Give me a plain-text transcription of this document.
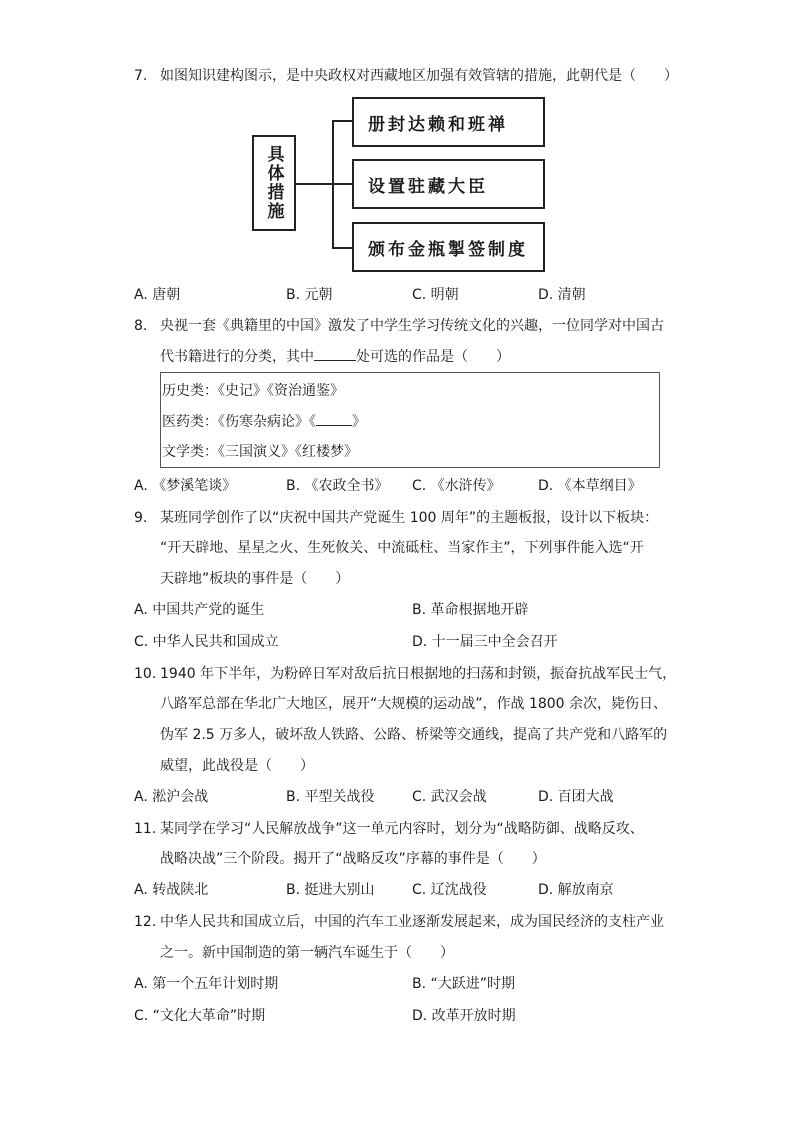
7. 如图知识建构图示，是中央政权对西藏地区加强有效管辖的措施，此朝代是（　　）
具体措施
册封达赖和班禅
设置驻藏大臣
颁布金瓶掣签制度
A. 唐朝	B. 元朝	C. 明朝	D. 清朝
8. 央视一套《典籍里的中国》激发了中学生学习传统文化的兴趣，一位同学对中国古
代书籍进行的分类，其中	处可选的作品是（　　）
历史类：《史记》《资治通鉴》
医药类：《伤寒杂病论》《	》
文学类：《三国演义》《红楼梦》
A. 《梦溪笔谈》	B. 《农政全书》 C. 《水浒传》	D. 《本草纲目》
9. 某班同学创作了以“庆祝中国共产党诞生 100 周年”的主题板报，设计以下板块：
“开天辟地、星星之火、生死攸关、中流砥柱、当家作主”，下列事件能入选“开
天辟地”板块的事件是（　　）
A. 中国共产党的诞生	B. 革命根据地开辟
C. 中华人民共和国成立	D. 十一届三中全会召开
10. 1940 年下半年，为粉碎日军对敌后抗日根据地的扫荡和封锁，振奋抗战军民士气，
八路军总部在华北广大地区，展开“大规模的运动战”，作战 1800 余次，毙伤日、
伪军 2.5 万多人，破坏敌人铁路、公路、桥梁等交通线，提高了共产党和八路军的
威望，此战役是（　　）
A. 淞沪会战	B. 平型关战役	C. 武汉会战	D. 百团大战
11. 某同学在学习“人民解放战争”这一单元内容时，划分为“战略防御、战略反攻、
战略决战”三个阶段。揭开了“战略反攻”序幕的事件是（　　）
A. 转战陕北	B. 挺进大别山	C. 辽沈战役	D. 解放南京
12. 中华人民共和国成立后，中国的汽车工业逐渐发展起来，成为国民经济的支柱产业
之一。新中国制造的第一辆汽车诞生于（　　）
A. 第一个五年计划时期	B. “大跃进”时期
C. “文化大革命”时期	D. 改革开放时期
